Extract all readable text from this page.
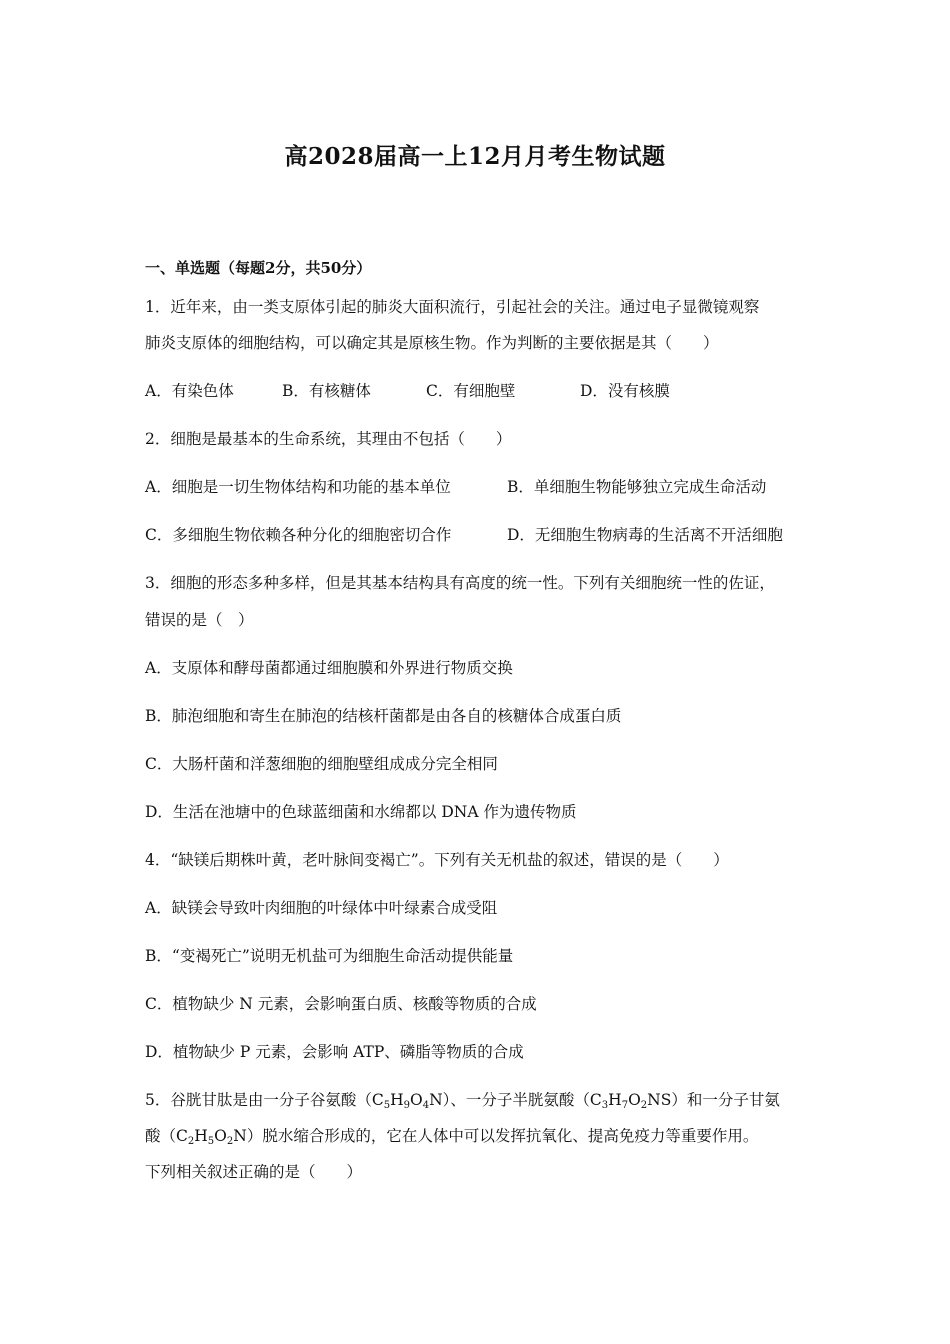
高2028届高一上12月月考生物试题
一、单选题（每题2分，共50分）
1．近年来，由一类支原体引起的肺炎大面积流行，引起社会的关注。通过电子显微镜观察
肺炎支原体的细胞结构，可以确定其是原核生物。作为判断的主要依据是其（　　）
A．有染色体	B．有核糖体	C．有细胞壁	D．没有核膜
2．细胞是最基本的生命系统，其理由不包括（　　）
A．细胞是一切生物体结构和功能的基本单位	B．单细胞生物能够独立完成生命活动
C．多细胞生物依赖各种分化的细胞密切合作	D．无细胞生物病毒的生活离不开活细胞
3．细胞的形态多种多样，但是其基本结构具有高度的统一性。下列有关细胞统一性的佐证，
错误的是（　）
A．支原体和酵母菌都通过细胞膜和外界进行物质交换
B．肺泡细胞和寄生在肺泡的结核杆菌都是由各自的核糖体合成蛋白质
C．大肠杆菌和洋葱细胞的细胞壁组成成分完全相同
D．生活在池塘中的色球蓝细菌和水绵都以 DNA 作为遗传物质
4．“缺镁后期株叶黄，老叶脉间变褐亡”。下列有关无机盐的叙述，错误的是（　　）
A．缺镁会导致叶肉细胞的叶绿体中叶绿素合成受阻
B．“变褐死亡”说明无机盐可为细胞生命活动提供能量
C．植物缺少 N 元素，会影响蛋白质、核酸等物质的合成
D．植物缺少 P 元素，会影响 ATP、磷脂等物质的合成
5．谷胱甘肽是由一分子谷氨酸$(C_5H_9O_4N)$、一分子半胱氨酸$(C_3H_7O_2NS)$和一分子甘氨
酸$(C_2H_5O_2N)$脱水缩合形成的，它在人体中可以发挥抗氧化、提高免疫力等重要作用。
下列相关叙述正确的是（　　）
